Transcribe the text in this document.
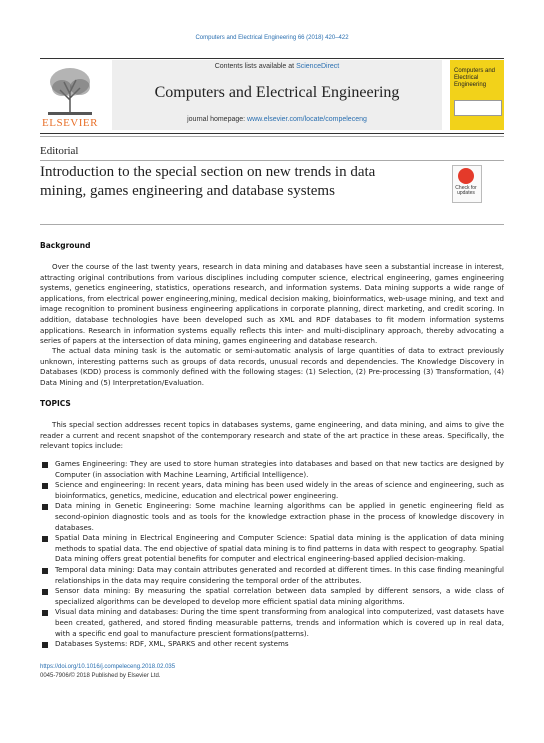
Computers and Electrical Engineering 66 (2018) 420–422
ELSEVIER
Contents lists available at ScienceDirect
Computers and Electrical Engineering
journal homepage: www.elsevier.com/locate/compeleceng
Computers and Electrical Engineering
Editorial
Introduction to the special section on new trends in data mining, games engineering and database systems	Check for updates
Background
Over the course of the last twenty years, research in data mining and databases have seen a substantial increase in interest, attracting original contributions from various disciplines including computer science, electrical engineering, games engineering systems, genetics engineering, statistics, operations research, and information systems. Data mining supports a wide range of applications, from electrical power engineering,mining, medical decision making, bioinformatics, web-usage mining, and text and image recognition to prominent business engineering applications in corporate planning, direct marketing, and credit scoring. In addition, database technologies have been developed such as XML and RDF databases to fit modern information systems applications. Research in information systems equally reflects this inter- and multi-disciplinary approach, thereby advocating a series of papers at the intersection of data mining, games engineering and database research.
The actual data mining task is the automatic or semi-automatic analysis of large quantities of data to extract previously unknown, interesting patterns such as groups of data records, unusual records and dependencies. The Knowledge Discovery in Databases (KDD) process is commonly defined with the following stages: (1) Selection, (2) Pre-processing (3) Transformation, (4) Data Mining and (5) Interpretation/Evaluation.
TOPICS
This special section addresses recent topics in databases systems, game engineering, and data mining, and aims to give the reader a current and recent snapshot of the contemporary research and state of the art practice in these areas. Specifically, the relevant topics include:
Games Engineering: They are used to store human strategies into databases and based on that new tactics are designed by Computer (in association with Machine Learning, Artificial Intelligence).
Science and engineering: In recent years, data mining has been used widely in the areas of science and engineering, such as bioinformatics, genetics, medicine, education and electrical power engineering.
Data mining in Genetic Engineering: Some machine learning algorithms can be applied in genetic engineering field as second-opinion diagnostic tools and as tools for the knowledge extraction phase in the process of knowledge discovery in databases.
Spatial Data mining in Electrical Engineering and Computer Science: Spatial data mining is the application of data mining methods to spatial data. The end objective of spatial data mining is to find patterns in data with respect to geography. Spatial Data mining offers great potential benefits for computer and electrical engineering-based applied decision-making.
Temporal data mining: Data may contain attributes generated and recorded at different times. In this case finding meaningful relationships in the data may require considering the temporal order of the attributes.
Sensor data mining: By measuring the spatial correlation between data sampled by different sensors, a wide class of specialized algorithms can be developed to develop more efficient spatial data mining algorithms.
Visual data mining and databases: During the time spent transforming from analogical into computerized, vast datasets have been created, gathered, and stored finding measurable patterns, trends and information which is covered up in real data, with a specific end goal to manufacture prescient formations(patterns).
Databases Systems: RDF, XML, SPARKS and other recent systems
https://doi.org/10.1016/j.compeleceng.2018.02.035
0045-7906/© 2018 Published by Elsevier Ltd.
